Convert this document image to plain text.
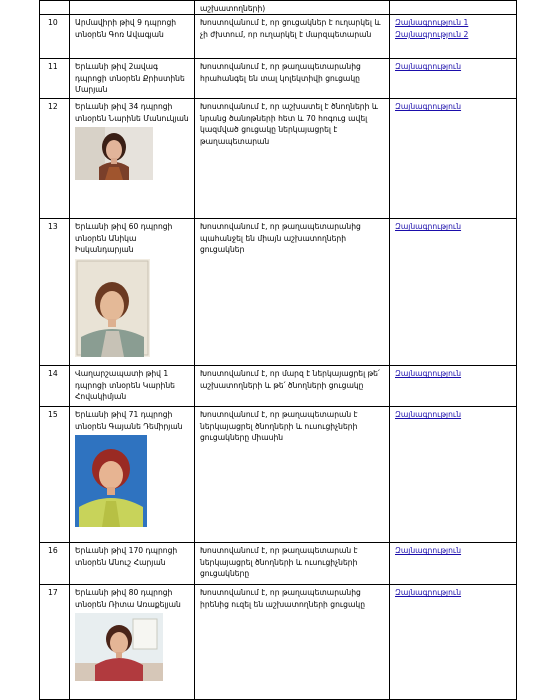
		աշխատողների)	
10	Արմավիրի թիվ 9 դպրոցի տնօրեն Գոռ Ավագյան	Խոստովանում է, որ ցուցակներ է ուղարկել և չի ժխտում, որ ուղարկել է մարզպետարան	Զայնագրություն 1
Զայնագրություն 2

11	Երևանի թիվ 2ավագ դպրոցի տնօրեն Քրիստինե Մարյան	Խոստովանում է, որ թաղապետարանից հրահանգել են տալ կոլեկտիվի ցուցակը	Զայնագրություն

12	Երևանի թիվ 34 դպրոցի տնօրեն Նարինե Մանուկյան	Խոստովանում է, որ աշխատել է ծնողների և նրանց ծանոթների հետ և 70 հոգուց ավել կազմված ցուցակը ներկայացրել է թաղապետարան	Զայնագրություն

13	Երևանի թիվ 60 դպրոցի տնօրեն Անիկա Իսկանդարյան	Խոստովանում է, որ թաղապետարանից պահանջել են միայն աշխատողների ցուցակներ	Զայնագրություն

14	Վաղարշապատի թիվ 1 դպրոցի տնօրեն Կարինե Հովակիմյան	Խոստովանում է, որ մարզ է ներկայացրել թե՛ աշխատողների և թե՛ ծնողների ցուցակը	Զայնագրություն

15	Երևանի թիվ 71 դպրոցի տնօրեն Գայանե Դեմիրյան	Խոստովանում է, որ թաղապետարան է ներկայացրել ծնողների և ուսուցիչների ցուցակները միասին	Զայնագրություն

16	Երևանի թիվ 170 դպրոցի տնօրեն Անուշ Հարյան	Խոստովանում է, որ թաղապետարան է ներկայացրել ծնողների և ուսուցիչների ցուցակները	Զայնագրություն

17	Երևանի թիվ 80 դպրոցի տնօրեն Ռիտա Առաքելյան	Խոստովանում է, որ թաղապետարանից իրենից ուզել են աշխատողների ցուցակը	Զայնագրություն
